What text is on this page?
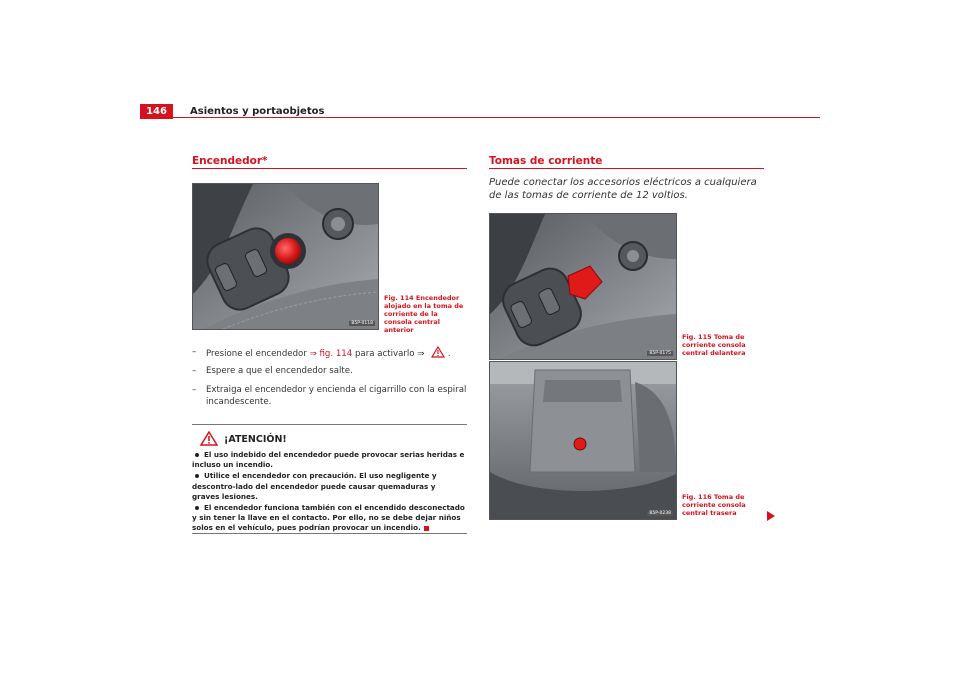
146	Asientos y portaobjetos
Encendedor*
B5P-0118
Fig. 114 Encendedor alojado en la toma de corriente de la consola central anterior
– Presione el encendedor ⇒ fig. 114 para activarlo ⇒  .
– Espere a que el encendedor salte.
– Extraiga el encendedor y encienda el cigarrillo con la espiral incandescente.
¡ATENCIÓN!
El uso indebido del encendedor puede provocar serias heridas e incluso un incendio.
Utilice el encendedor con precaución. El uso negligente y descontro-lado del encendedor puede causar quemaduras y graves lesiones.
El encendedor funciona también con el encendido desconectado y sin tener la llave en el contacto. Por ello, no se debe dejar niños solos en el vehículo, pues podrían provocar un incendio.
Tomas de corriente
Puede conectar los accesorios eléctricos a cualquiera de las tomas de corriente de 12 voltios.
B5P-0175
Fig. 115 Toma de corriente consola central delantera
B5P-0238
Fig. 116 Toma de corriente consola central trasera
